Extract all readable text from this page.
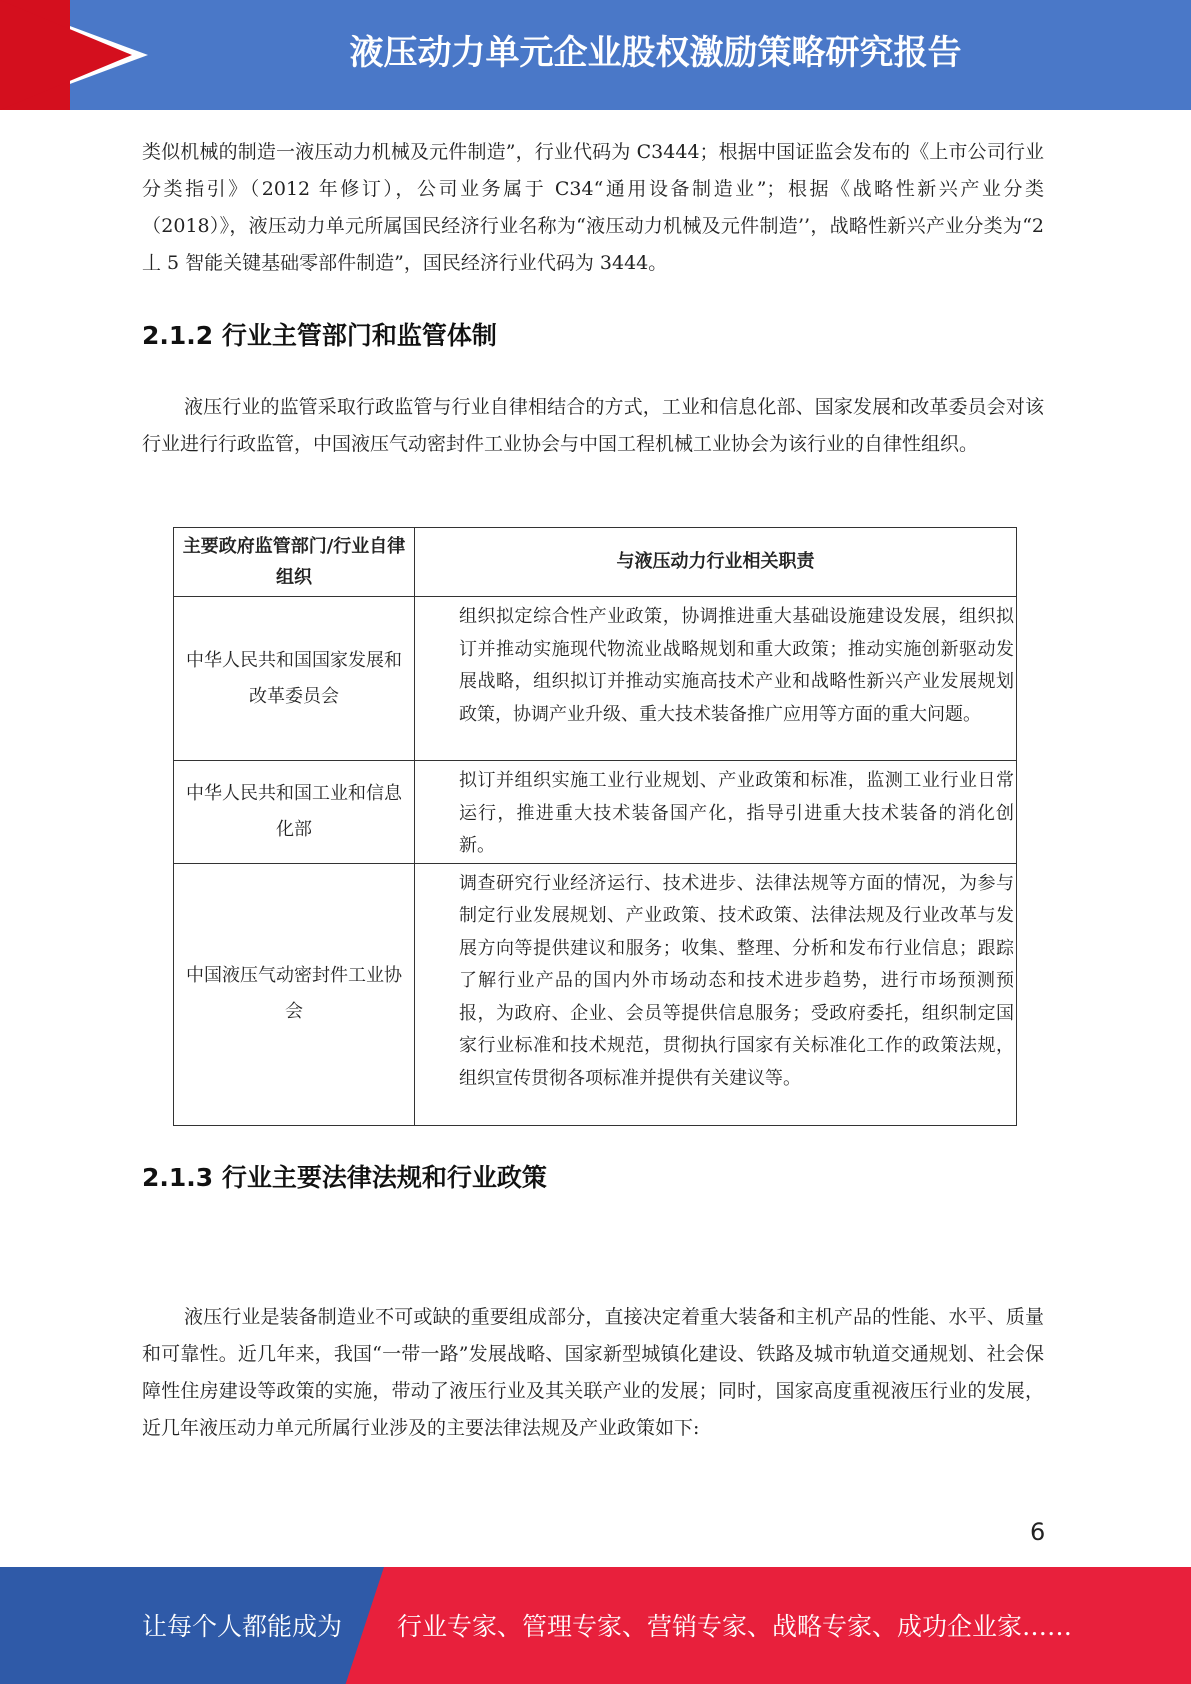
液压动力单元企业股权激励策略研究报告

类似机械的制造一液压动力机械及元件制造”，行业代码为 C3444；根据中国证监会发布的《上市公司行业分类指引》（2012 年修订），公司业务属于 C34“通用设备制造业”；根据《战略性新兴产业分类（2018）》，液压动力单元所属国民经济行业名称为“液压动力机械及元件制造’’，战略性新兴产业分类为“2 丄 5 智能关键基础零部件制造”，国民经济行业代码为 3444。

2.1.2 行业主管部门和监管体制

液压行业的监管采取行政监管与行业自律相结合的方式，工业和信息化部、国家发展和改革委员会对该行业进行行政监管，中国液压气动密封件工业协会与中国工程机械工业协会为该行业的自律性组织。

主要政府监管部门/行业自律组织	与液压动力行业相关职责
中华人民共和国国家发展和改革委员会	组织拟定综合性产业政策，协调推进重大基础设施建设发展，组织拟订并推动实施现代物流业战略规划和重大政策；推动实施创新驱动发展战略，组织拟订并推动实施高技术产业和战略性新兴产业发展规划政策，协调产业升级、重大技术装备推广应用等方面的重大问题。
中华人民共和国工业和信息化部	拟订并组织实施工业行业规划、产业政策和标准，监测工业行业日常运行，推进重大技术装备国产化，指导引进重大技术装备的消化创新。
中国液压气动密封件工业协会	调查研究行业经济运行、技术进步、法律法规等方面的情况，为参与制定行业发展规划、产业政策、技术政策、法律法规及行业改革与发展方向等提供建议和服务；收集、整理、分析和发布行业信息；跟踪了解行业产品的国内外市场动态和技术进步趋势，进行市场预测预报，为政府、企业、会员等提供信息服务；受政府委托，组织制定国家行业标准和技术规范，贯彻执行国家有关标准化工作的政策法规，组织宣传贯彻各项标准并提供有关建议等。
2.1.3 行业主要法律法规和行业政策

液压行业是装备制造业不可或缺的重要组成部分，直接决定着重大装备和主机产品的性能、水平、质量和可靠性。近几年来，我国“一带一路”发展战略、国家新型城镇化建设、铁路及城市轨道交通规划、社会保障性住房建设等政策的实施，带动了液压行业及其关联产业的发展；同时，国家高度重视液压行业的发展，近几年液压动力单元所属行业涉及的主要法律法规及产业政策如下:

6
让每个人都能成为 行业专家、管理专家、营销专家、战略专家、成功企业家……
